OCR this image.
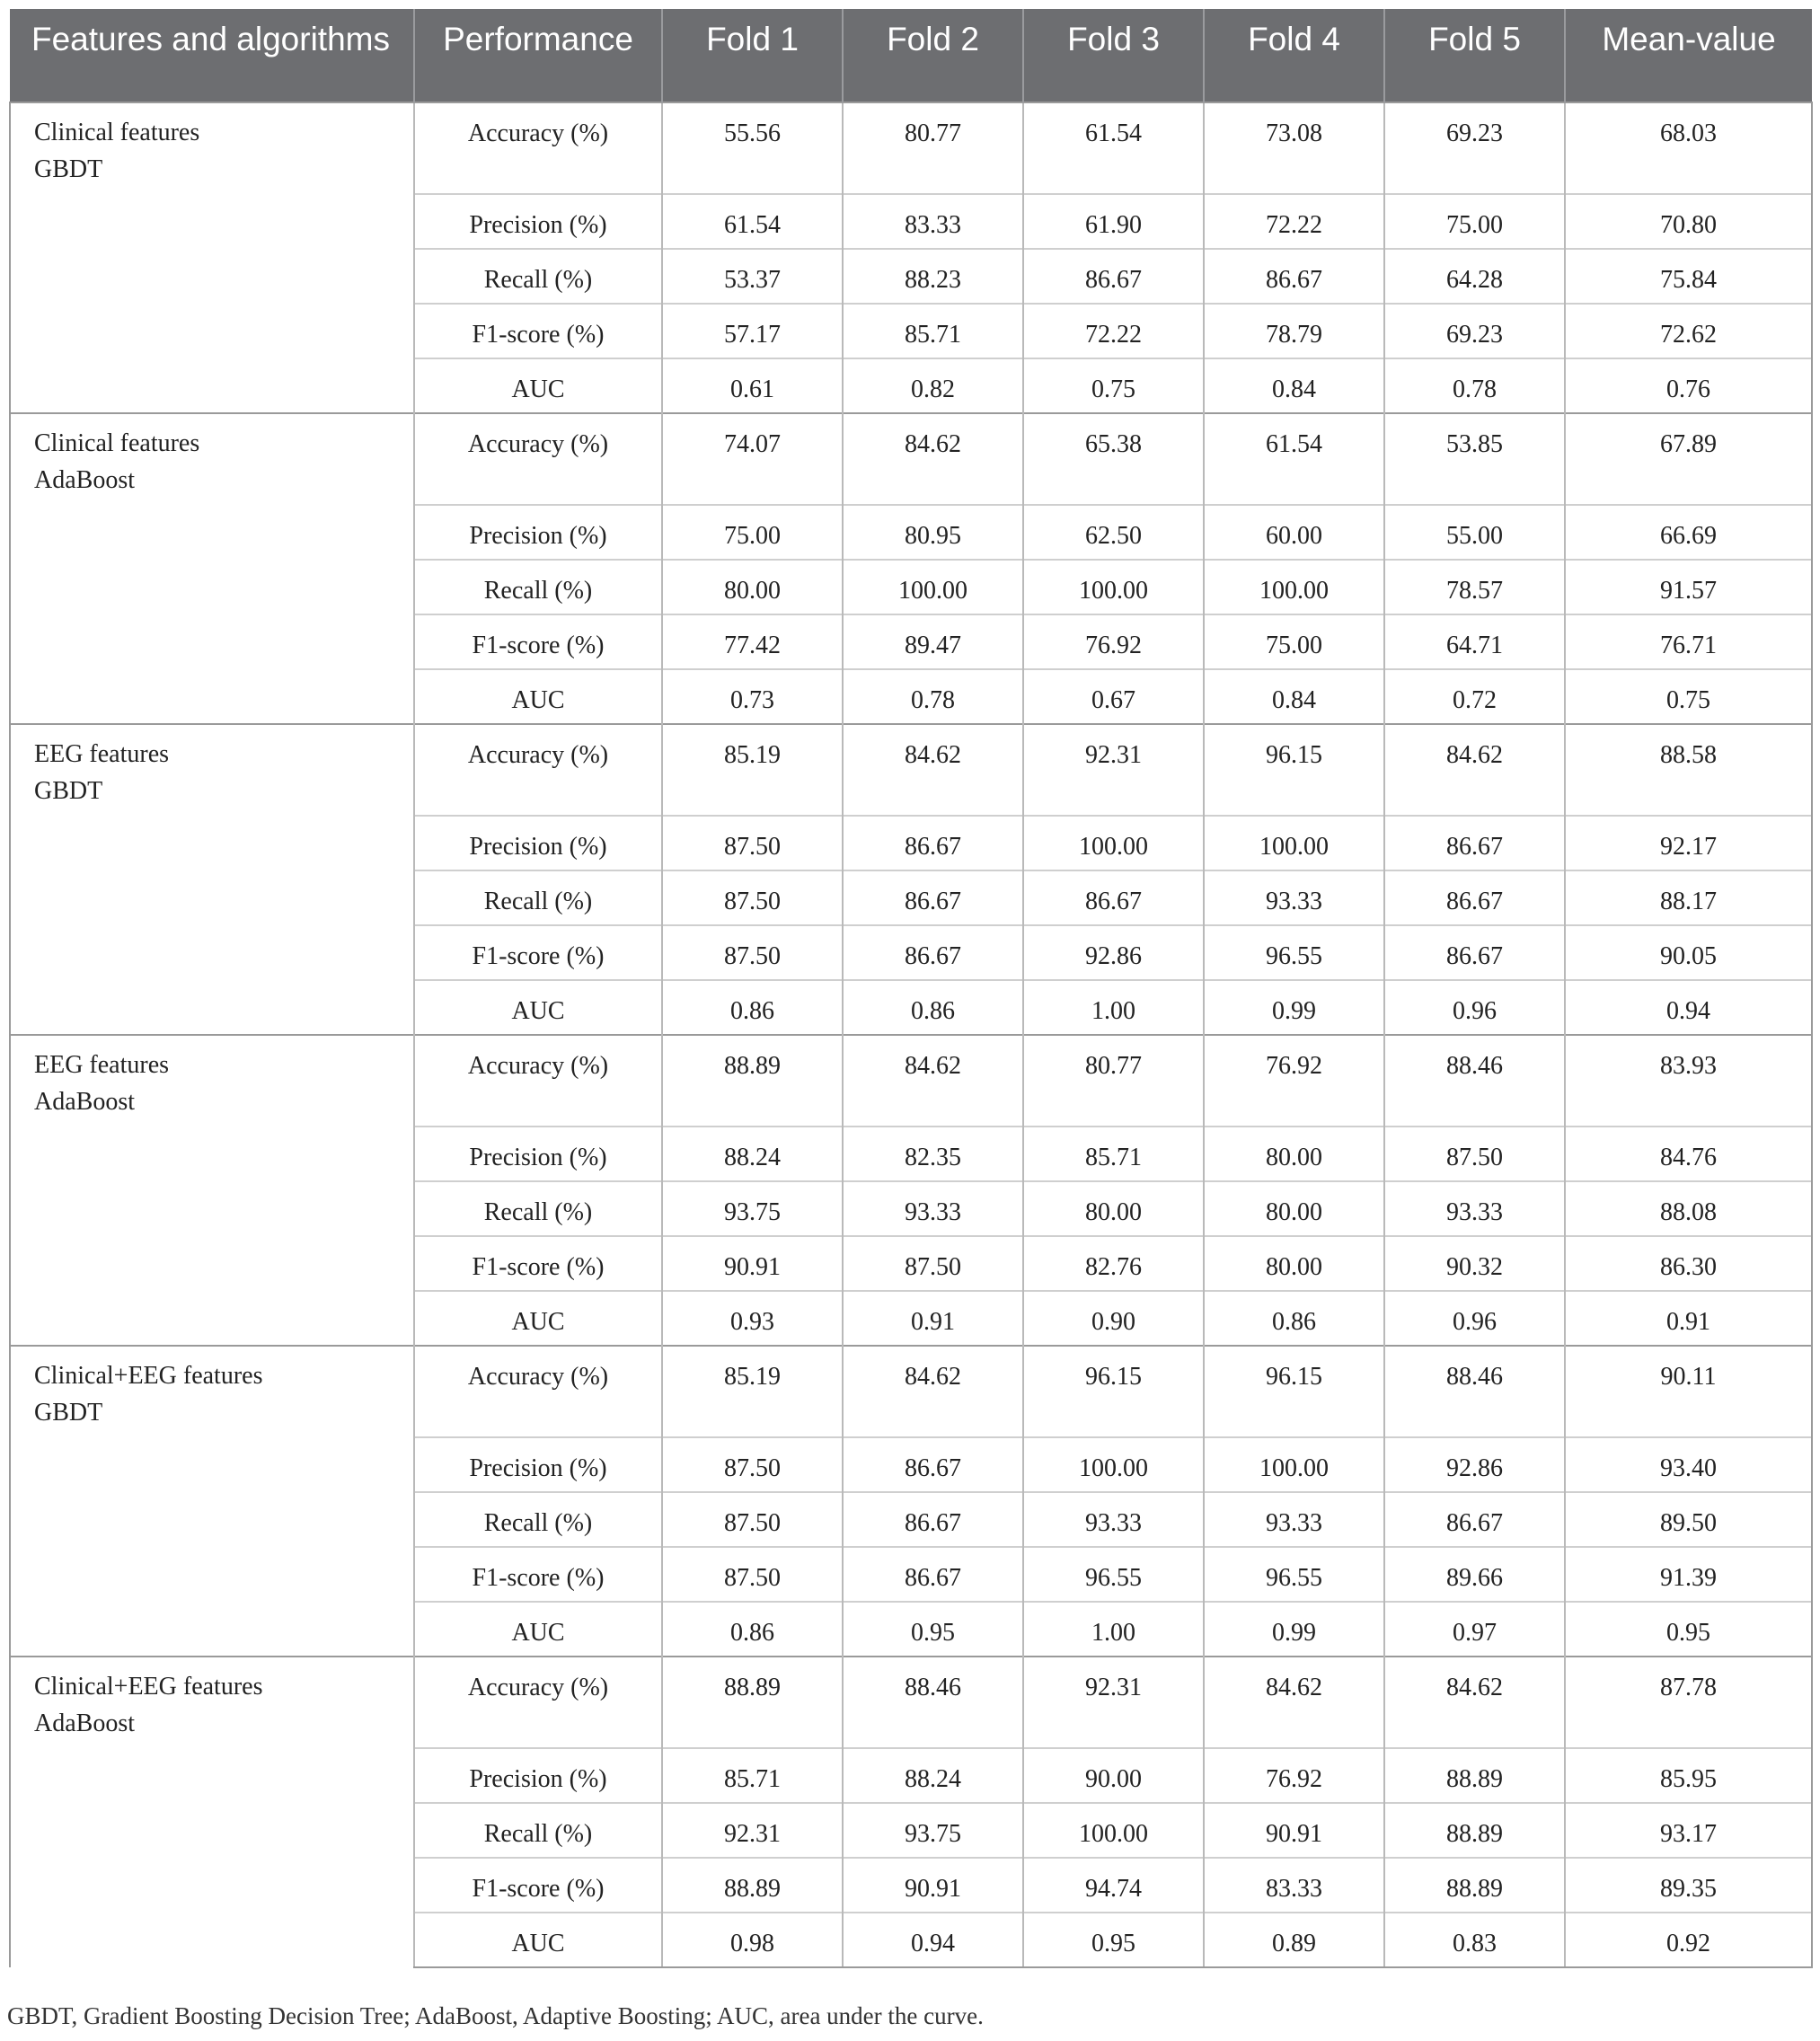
Features and algorithms	Performance	Fold 1	Fold 2	Fold 3	Fold 4	Fold 5	Mean-value

Clinical features
GBDT	Accuracy (%)	55.56	80.77	61.54	73.08	69.23	68.03
	Precision (%)	61.54	83.33	61.90	72.22	75.00	70.80
	Recall (%)	53.37	88.23	86.67	86.67	64.28	75.84
	F1-score (%)	57.17	85.71	72.22	78.79	69.23	72.62
	AUC	0.61	0.82	0.75	0.84	0.78	0.76

Clinical features
AdaBoost	Accuracy (%)	74.07	84.62	65.38	61.54	53.85	67.89
	Precision (%)	75.00	80.95	62.50	60.00	55.00	66.69
	Recall (%)	80.00	100.00	100.00	100.00	78.57	91.57
	F1-score (%)	77.42	89.47	76.92	75.00	64.71	76.71
	AUC	0.73	0.78	0.67	0.84	0.72	0.75

EEG features
GBDT	Accuracy (%)	85.19	84.62	92.31	96.15	84.62	88.58
	Precision (%)	87.50	86.67	100.00	100.00	86.67	92.17
	Recall (%)	87.50	86.67	86.67	93.33	86.67	88.17
	F1-score (%)	87.50	86.67	92.86	96.55	86.67	90.05
	AUC	0.86	0.86	1.00	0.99	0.96	0.94

EEG features
AdaBoost	Accuracy (%)	88.89	84.62	80.77	76.92	88.46	83.93
	Precision (%)	88.24	82.35	85.71	80.00	87.50	84.76
	Recall (%)	93.75	93.33	80.00	80.00	93.33	88.08
	F1-score (%)	90.91	87.50	82.76	80.00	90.32	86.30
	AUC	0.93	0.91	0.90	0.86	0.96	0.91

Clinical+EEG features
GBDT	Accuracy (%)	85.19	84.62	96.15	96.15	88.46	90.11
	Precision (%)	87.50	86.67	100.00	100.00	92.86	93.40
	Recall (%)	87.50	86.67	93.33	93.33	86.67	89.50
	F1-score (%)	87.50	86.67	96.55	96.55	89.66	91.39
	AUC	0.86	0.95	1.00	0.99	0.97	0.95

Clinical+EEG features
AdaBoost	Accuracy (%)	88.89	88.46	92.31	84.62	84.62	87.78
	Precision (%)	85.71	88.24	90.00	76.92	88.89	85.95
	Recall (%)	92.31	93.75	100.00	90.91	88.89	93.17
	F1-score (%)	88.89	90.91	94.74	83.33	88.89	89.35
	AUC	0.98	0.94	0.95	0.89	0.83	0.92
GBDT, Gradient Boosting Decision Tree; AdaBoost, Adaptive Boosting; AUC, area under the curve.
